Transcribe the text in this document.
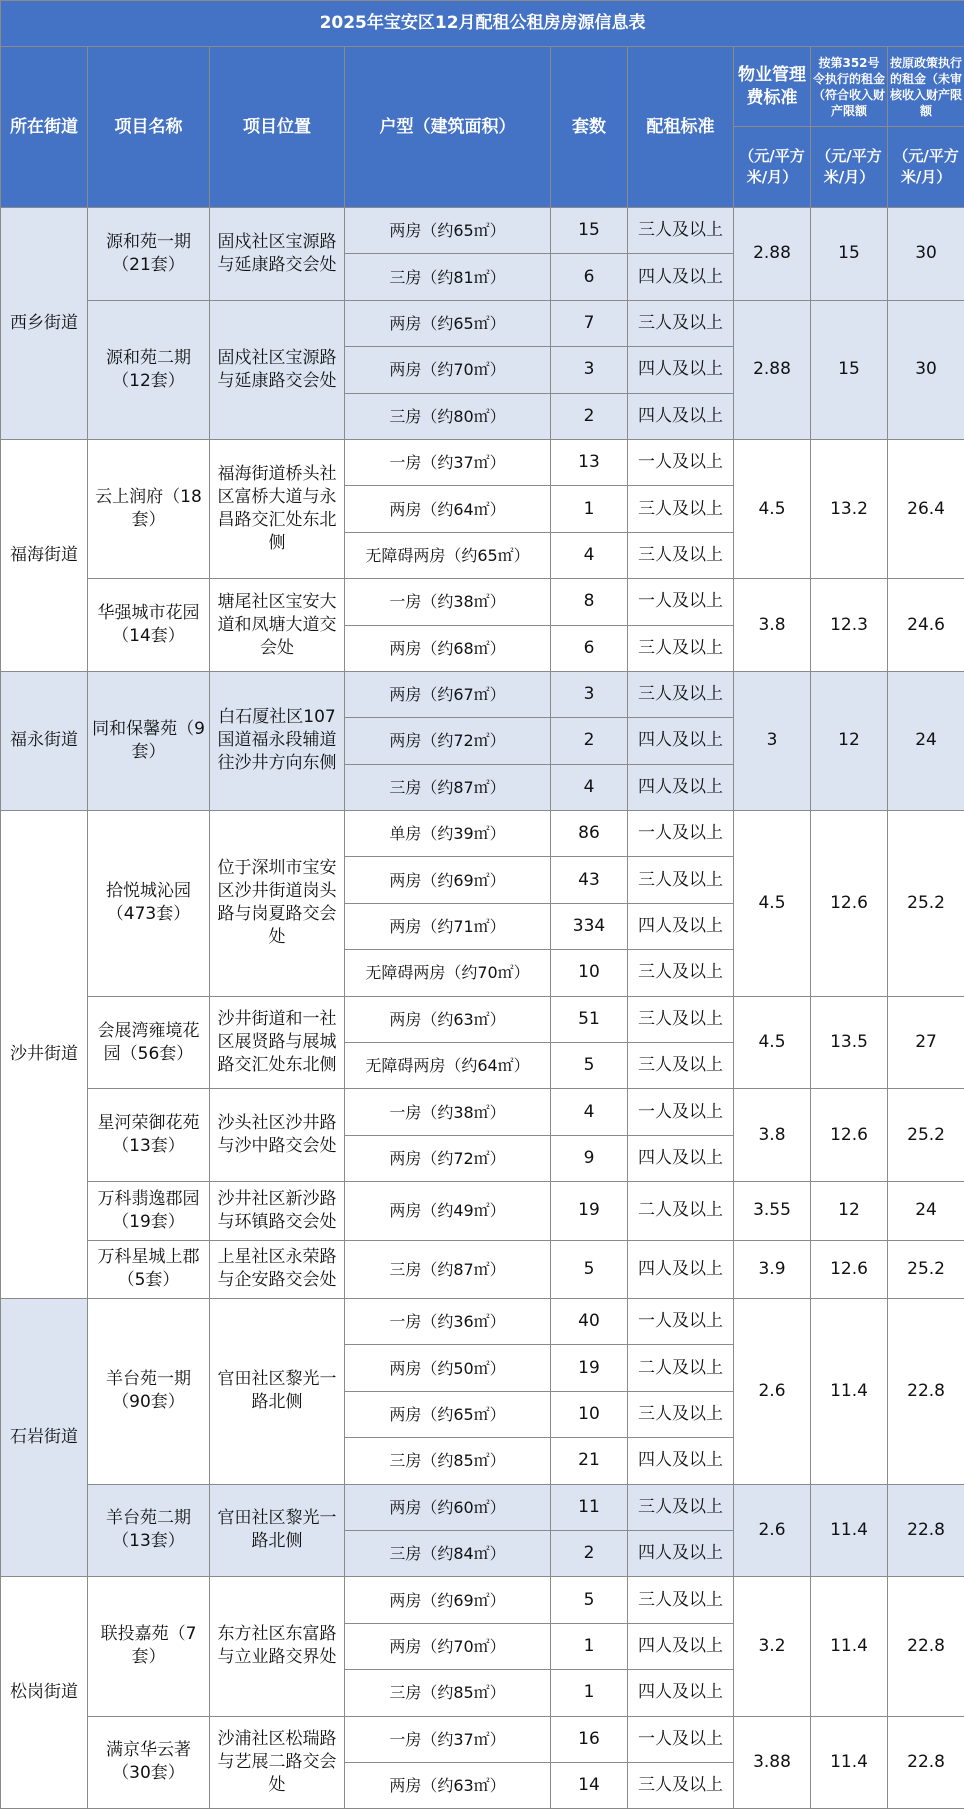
2025年宝安区12月配租公租房房源信息表								
所在街道	项目名称	项目位置	户型（建筑面积）	套数	配租标准	物业管理费标准	按第352号令执行的租金（符合收入财产限额	按原政策执行的租金（未审核收入财产限额
						（元/平方米/月）	（元/平方米/月）	（元/平方米/月）
西乡街道	源和苑一期（21套）	固戍社区宝源路与延康路交会处	两房（约65㎡）	15	三人及以上	2.88	15	30
			三房（约81㎡）	6	四人及以上			
	源和苑二期（12套）	固戍社区宝源路与延康路交会处	两房（约65㎡）	7	三人及以上	2.88	15	30
			两房（约70㎡）	3	四人及以上			
			三房（约80㎡）	2	四人及以上			
福海街道	云上润府（18套）	福海街道桥头社区富桥大道与永昌路交汇处东北侧	一房（约37㎡）	13	一人及以上	4.5	13.2	26.4
			两房（约64㎡）	1	三人及以上			
			无障碍两房（约65㎡）	4	三人及以上			
	华强城市花园（14套）	塘尾社区宝安大道和凤塘大道交会处	一房（约38㎡）	8	一人及以上	3.8	12.3	24.6
			两房（约68㎡）	6	三人及以上			
福永街道	同和保馨苑（9套）	白石厦社区107国道福永段辅道往沙井方向东侧	两房（约67㎡）	3	三人及以上	3	12	24
			两房（约72㎡）	2	四人及以上			
			三房（约87㎡）	4	四人及以上			
沙井街道	拾悦城沁园（473套）	位于深圳市宝安区沙井街道岗头路与岗夏路交会处	单房（约39㎡）	86	一人及以上	4.5	12.6	25.2
			两房（约69㎡）	43	三人及以上			
			两房（约71㎡）	334	四人及以上			
			无障碍两房（约70㎡）	10	三人及以上			
	会展湾雍境花园（56套）	沙井街道和一社区展贤路与展城路交汇处东北侧	两房（约63㎡）	51	三人及以上	4.5	13.5	27
			无障碍两房（约64㎡）	5	三人及以上			
	星河荣御花苑（13套）	沙头社区沙井路与沙中路交会处	一房（约38㎡）	4	一人及以上	3.8	12.6	25.2
			两房（约72㎡）	9	四人及以上			
	万科翡逸郡园（19套）	沙井社区新沙路与环镇路交会处	两房（约49㎡）	19	二人及以上	3.55	12	24
	万科星城上郡（5套）	上星社区永荣路与企安路交会处	三房（约87㎡）	5	四人及以上	3.9	12.6	25.2
石岩街道	羊台苑一期（90套）	官田社区黎光一路北侧	一房（约36㎡）	40	一人及以上	2.6	11.4	22.8
			两房（约50㎡）	19	二人及以上			
			两房（约65㎡）	10	三人及以上			
			三房（约85㎡）	21	四人及以上			
	羊台苑二期（13套）	官田社区黎光一路北侧	两房（约60㎡）	11	三人及以上	2.6	11.4	22.8
			三房（约84㎡）	2	四人及以上			
松岗街道	联投嘉苑（7套）	东方社区东富路与立业路交界处	两房（约69㎡）	5	三人及以上	3.2	11.4	22.8
			两房（约70㎡）	1	四人及以上			
			三房（约85㎡）	1	四人及以上			
	满京华云著（30套）	沙浦社区松瑞路与艺展二路交会处	一房（约37㎡）	16	一人及以上	3.88	11.4	22.8
			两房（约63㎡）	14	三人及以上			
